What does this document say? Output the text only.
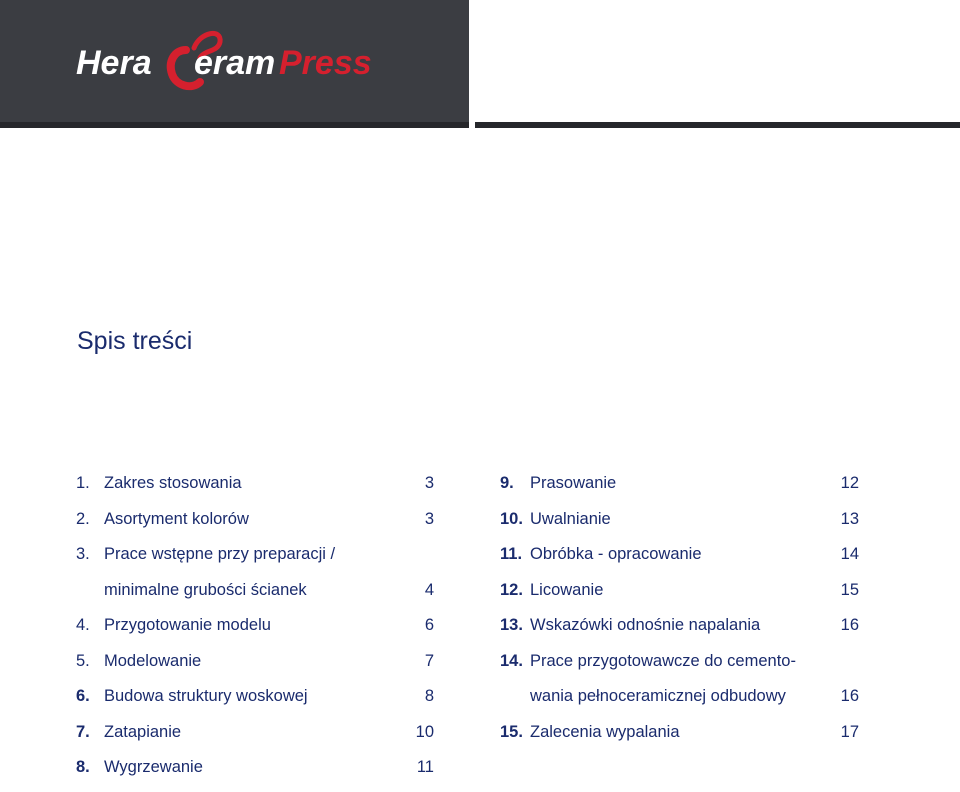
Hera eram Press
Spis treści
1. Zakres stosowania	3
2. Asortyment kolorów	3
3. Prace wstępne przy preparacji /
minimalne grubości ścianek	4
4. Przygotowanie modelu	6
5. Modelowanie	7
6. Budowa struktury woskowej	8
7. Zatapianie	10
8. Wygrzewanie	11
9. Prasowanie	12
10. Uwalnianie	13
11. Obróbka - opracowanie	14
12. Licowanie	15
13. Wskazówki odnośnie napalania	16
14. Prace przygotowawcze do cemento-
wania pełnoceramicznej odbudowy	16
15. Zalecenia wypalania	17
